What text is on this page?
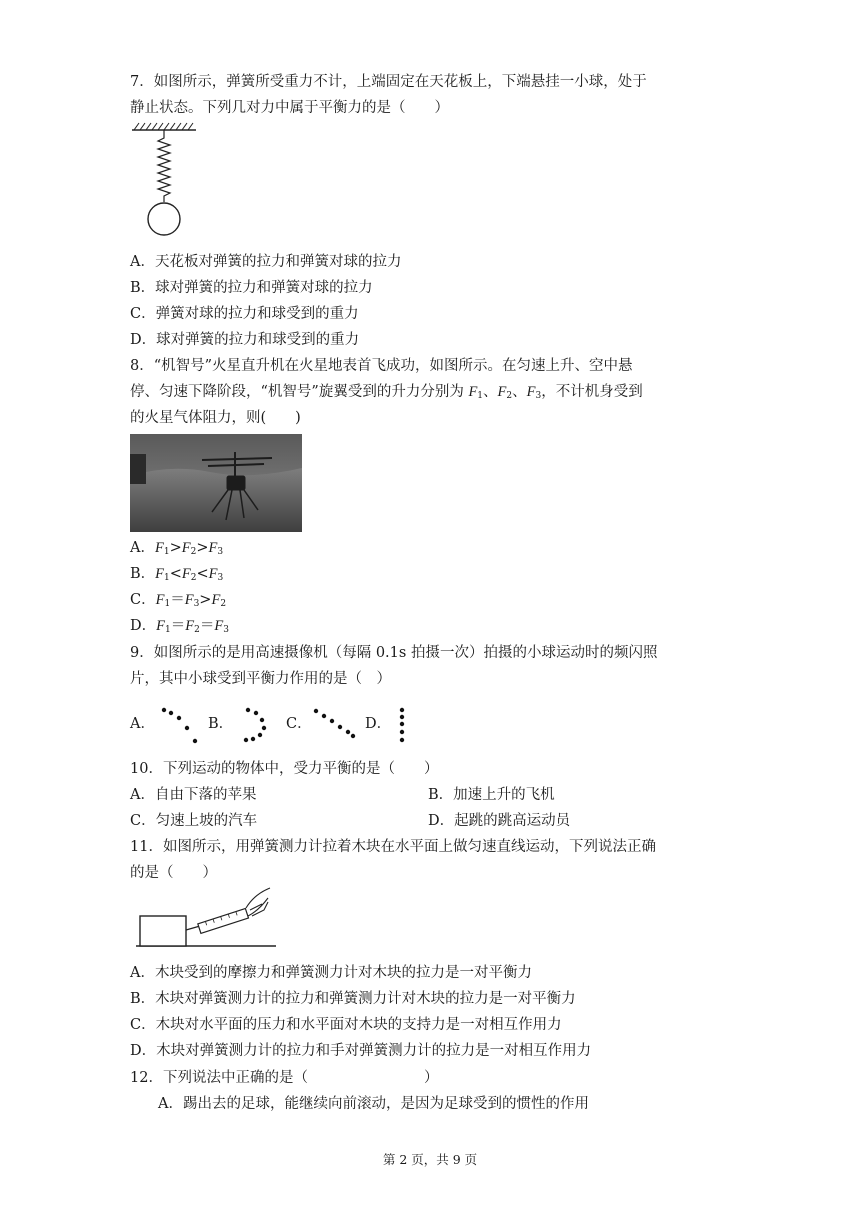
7．如图所示，弹簧所受重力不计，上端固定在天花板上，下端悬挂一小球，处于
静止状态。下列几对力中属于平衡力的是（　　）
A．天花板对弹簧的拉力和弹簧对球的拉力
B．球对弹簧的拉力和弹簧对球的拉力
C．弹簧对球的拉力和球受到的重力
D．球对弹簧的拉力和球受到的重力
8．“机智号”火星直升机在火星地表首飞成功，如图所示。在匀速上升、空中悬
停、匀速下降阶段，“机智号”旋翼受到的升力分别为 $F_1$、$F_2$、$F_3$，不计机身受到
的火星气体阻力，则(　　)
A．$F_1>F_2>F_3$
B．$F_1<F_2<F_3$
C．$F_1=F_3>F_2$
D．$F_1=F_2=F_3$
9．如图所示的是用高速摄像机（每隔 0.1s 拍摄一次）拍摄的小球运动时的频闪照
片，其中小球受到平衡力作用的是（　）
A．	B．	C．	D．
10．下列运动的物体中，受力平衡的是（　　）
A．自由下落的苹果	B．加速上升的飞机
C．匀速上坡的汽车	D．起跳的跳高运动员
11．如图所示，用弹簧测力计拉着木块在水平面上做匀速直线运动，下列说法正确
的是（　　）
A．木块受到的摩擦力和弹簧测力计对木块的拉力是一对平衡力
B．木块对弹簧测力计的拉力和弹簧测力计对木块的拉力是一对平衡力
C．木块对水平面的压力和水平面对木块的支持力是一对相互作用力
D．木块对弹簧测力计的拉力和手对弹簧测力计的拉力是一对相互作用力
12．下列说法中正确的是（　　　　　　　　）
A．踢出去的足球，能继续向前滚动，是因为足球受到的惯性的作用
第 2 页，共 9 页
